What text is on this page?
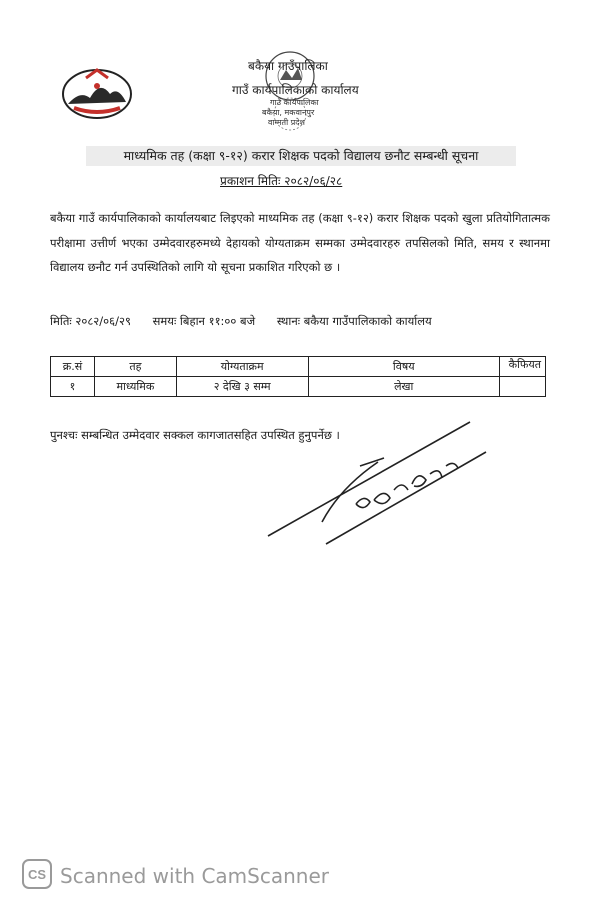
बकैया गाउँपालिका
गाउँ कार्यपालिकाको कार्यालय
गाउँ कार्यपालिका
बकैया, मकवानपुर
वाग्मती प्रदेश
माध्यमिक तह (कक्षा ९-१२) करार शिक्षक पदको विद्यालय छनौट सम्बन्धी सूचना
प्रकाशन मितिः २०८२/०६/२८
बकैया गाउँ कार्यपालिकाको कार्यालयबाट लिइएको माध्यमिक तह (कक्षा ९-१२) करार शिक्षक पदको खुला प्रतियोगितात्मक परीक्षामा उत्तीर्ण भएका उम्मेदवारहरुमध्ये देहायको योग्यताक्रम सम्मका उम्मेदवारहरु तपसिलको मिति, समय र स्थानमा विद्यालय छनौट गर्न उपस्थितिको लागि यो सूचना प्रकाशित गरिएको छ ।
मितिः २०८२/०६/२९ समयः बिहान ११:०० बजे स्थानः बकैया गाउँपालिकाको कार्यालय
क्र.सं	तह	योग्यताक्रम	विषय	कैफियत
१	माध्यमिक	२ देखि ३ सम्म	लेखा	
पुनश्चः सम्बन्धित उम्मेदवार सक्कल कागजातसहित उपस्थित हुनुपर्नेछ ।
CS Scanned with CamScanner
